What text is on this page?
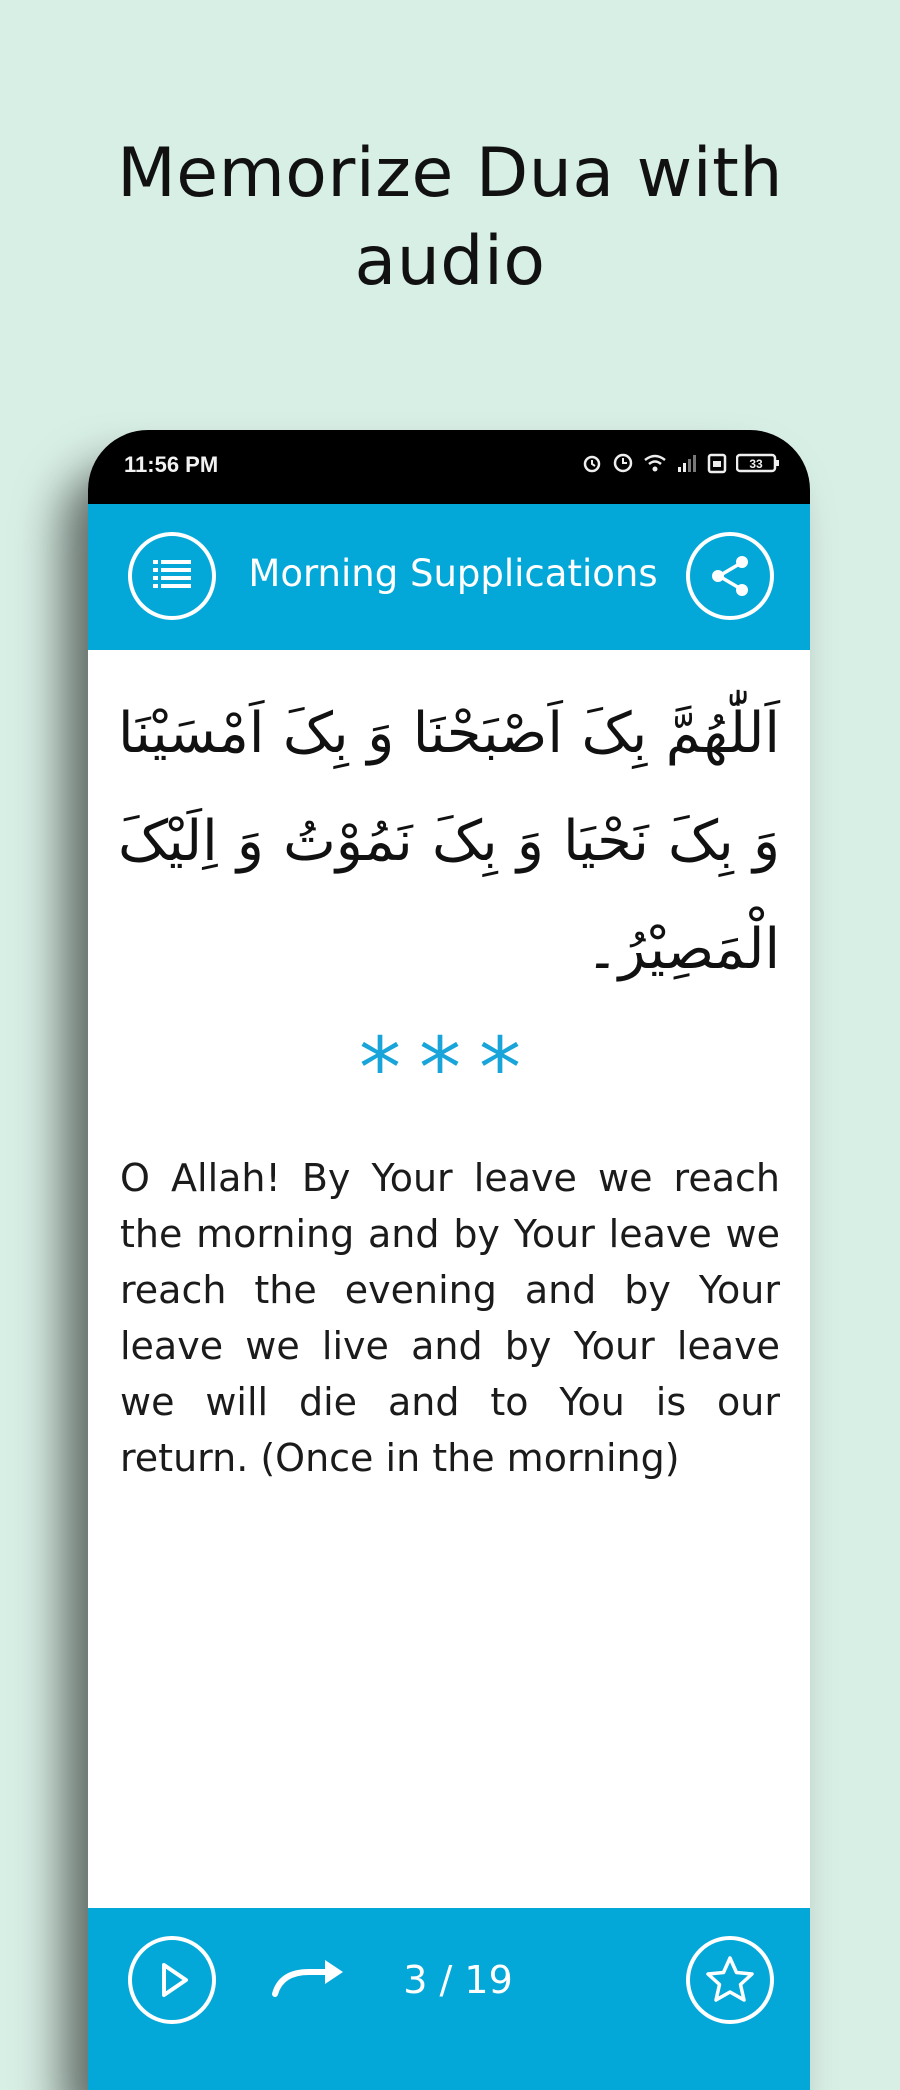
Memorize Dua with
audio
11:56 PM	33
Morning Supplications

اَللّٰهُمَّ بِکَ اَصْبَحْنَا وَ بِکَ اَمْسَیْنَا وَ بِکَ نَحْیَا وَ بِکَ نَمُوْتُ وَ اِلَیْکَ الْمَصِیْرُ۔

***

O Allah! By Your leave we reach the morning and by Your leave we reach the evening and by Your leave we live and by Your leave we will die and to You is our return. (Once in the morning)

3 / 19
